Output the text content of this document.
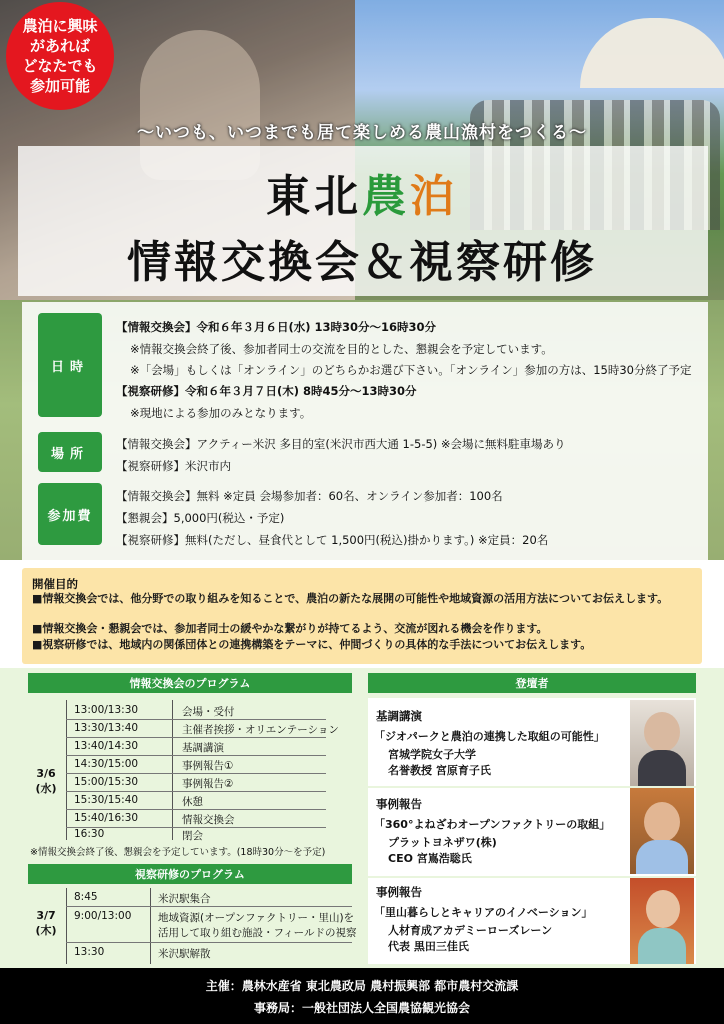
農泊に興味
があれば
どなたでも
参加可能
～いつも、いつまでも居て楽しめる農山漁村をつくる～
東北農泊
情報交換会＆視察研修
日時
【情報交換会】令和６年３月６日(水) 13時30分～16時30分
※情報交換会終了後、参加者同士の交流を目的とした、懇親会を予定しています。
※「会場」もしくは「オンライン」のどちらかお選び下さい。「オンライン」参加の方は、15時30分終了予定
【視察研修】令和６年３月７日(木) 8時45分～13時30分
※現地による参加のみとなります。
場所
【情報交換会】アクティー米沢 多目的室(米沢市西大通 1-5-5) ※会場に無料駐車場あり
【視察研修】米沢市内
参加費
【情報交換会】無料 ※定員 会場参加者：60名、オンライン参加者：100名
【懇親会】5,000円(税込・予定)
【視察研修】無料(ただし、昼食代として 1,500円(税込)掛かります。) ※定員：20名
開催目的
■情報交換会では、他分野での取り組みを知ることで、農泊の新たな展開の可能性や地域資源の活用方法についてお伝えします。
■情報交換会・懇親会では、参加者同士の緩やかな繋がりが持てるよう、交流が図れる機会を作ります。
■視察研修では、地域内の関係団体との連携構築をテーマに、仲間づくりの具体的な手法についてお伝えします。
情報交換会のプログラム
3/6
(水)
13:00/13:30	会場・受付
13:30/13:40	主催者挨拶・オリエンテーション
13:40/14:30	基調講演
14:30/15:00	事例報告①
15:00/15:30	事例報告②
15:30/15:40	休憩
15:40/16:30	情報交換会
16:30	閉会
※情報交換会終了後、懇親会を予定しています。(18時30分～を予定)
視察研修のプログラム
3/7
(木)
8:45	米沢駅集合
9:00/13:00	地域資源(オープンファクトリー・里山)を
活用して取り組む施設・フィールドの視察
13:30	米沢駅解散
登壇者
基調講演
「ジオパークと農泊の連携した取組の可能性」
宮城学院女子大学
名誉教授 宮原育子氏
事例報告
「360°よねざわオープンファクトリーの取組」
プラットヨネザワ(株)
CEO 宮嶌浩聡氏
事例報告
「里山暮らしとキャリアのイノベーション」
人材育成アカデミーローズレーン
代表 黒田三佳氏
主催：農林水産省 東北農政局 農村振興部 都市農村交流課
事務局：一般社団法人全国農協観光協会
